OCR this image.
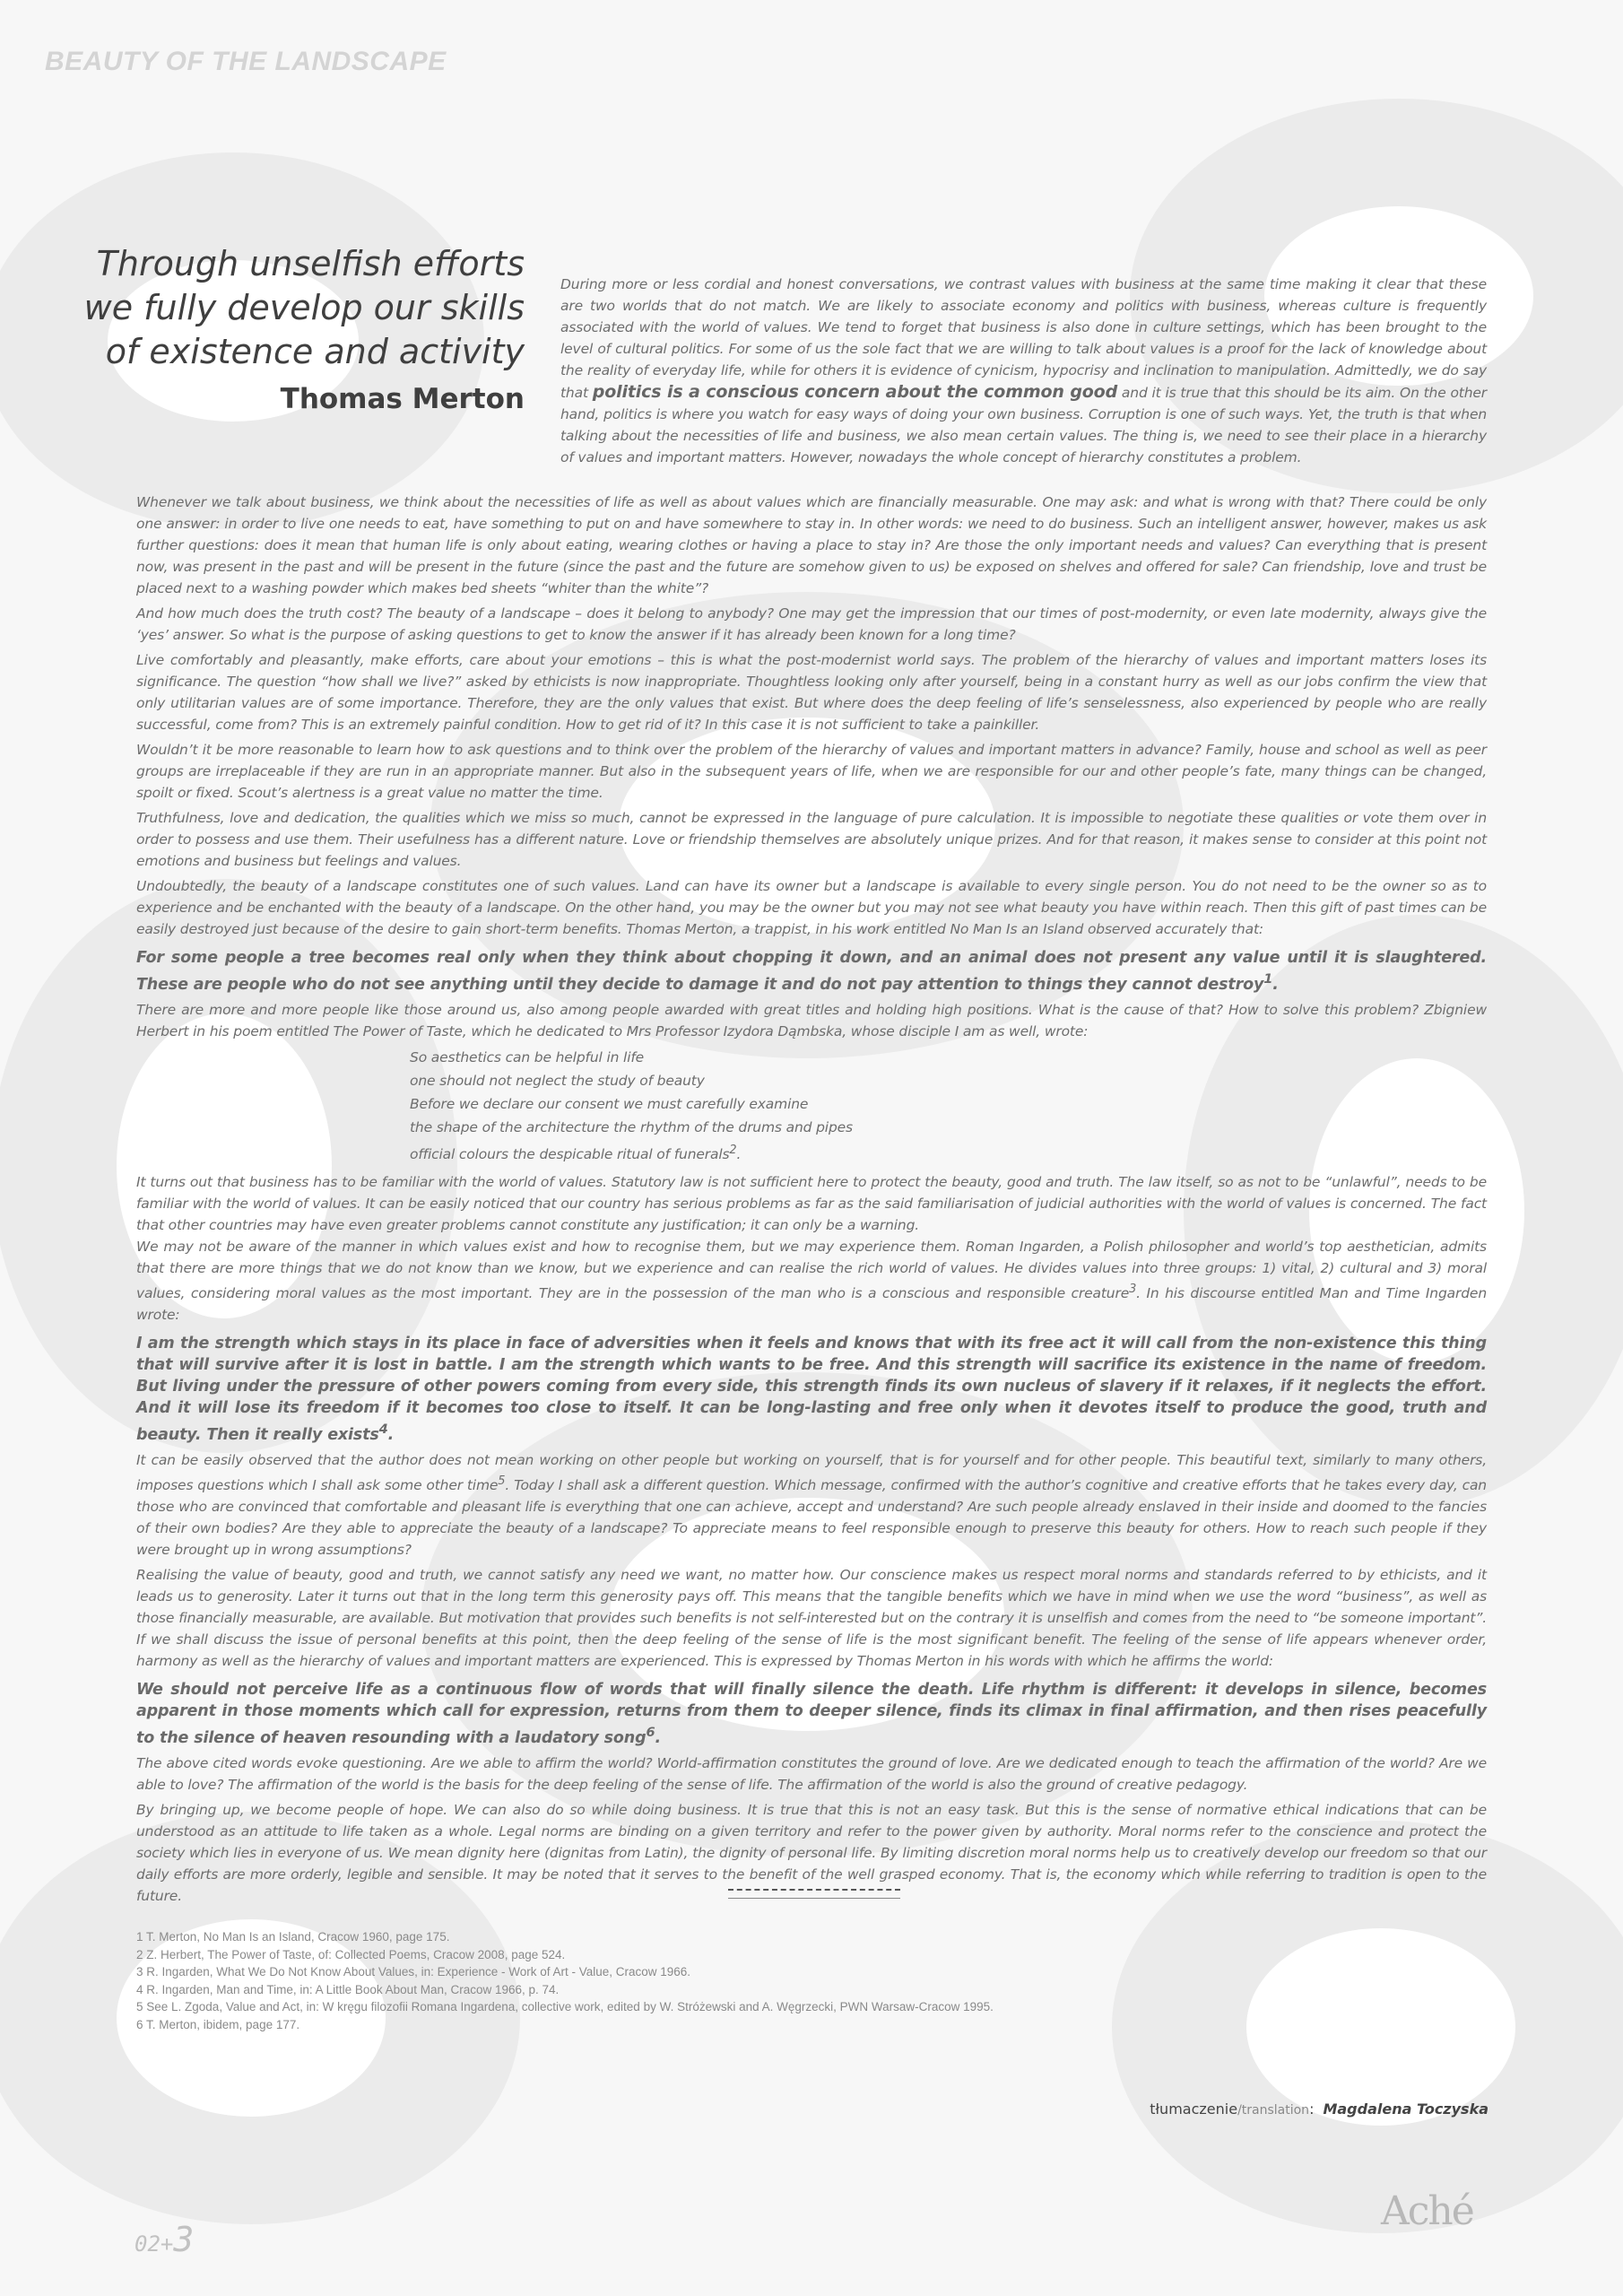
BEAUTY OF THE LANDSCAPE
Through unselfish efforts
we fully develop our skills
of existence and activity
Thomas Merton
During more or less cordial and honest conversations, we contrast values with business at the same time making it clear that these are two worlds that do not match. We are likely to associate economy and politics with business, whereas culture is frequently associated with the world of values. We tend to forget that business is also done in culture settings, which has been brought to the level of cultural politics. For some of us the sole fact that we are willing to talk about values is a proof for the lack of knowledge about the reality of everyday life, while for others it is evidence of cynicism, hypocrisy and inclination to manipulation. Admittedly, we do say that politics is a conscious concern about the common good and it is true that this should be its aim. On the other hand, politics is where you watch for easy ways of doing your own business. Corruption is one of such ways. Yet, the truth is that when talking about the necessities of life and business, we also mean certain values. The thing is, we need to see their place in a hierarchy of values and important matters. However, nowadays the whole concept of hierarchy constitutes a problem.

Whenever we talk about business, we think about the necessities of life as well as about values which are financially measurable. One may ask: and what is wrong with that? There could be only one answer: in order to live one needs to eat, have something to put on and have somewhere to stay in. In other words: we need to do business. Such an intelligent answer, however, makes us ask further questions: does it mean that human life is only about eating, wearing clothes or having a place to stay in? Are those the only important needs and values? Can everything that is present now, was present in the past and will be present in the future (since the past and the future are somehow given to us) be exposed on shelves and offered for sale? Can friendship, love and trust be placed next to a washing powder which makes bed sheets “whiter than the white”?

And how much does the truth cost? The beauty of a landscape – does it belong to anybody? One may get the impression that our times of post-modernity, or even late modernity, always give the ‘yes’ answer. So what is the purpose of asking questions to get to know the answer if it has already been known for a long time?

Live comfortably and pleasantly, make efforts, care about your emotions – this is what the post-modernist world says. The problem of the hierarchy of values and important matters loses its significance. The question “how shall we live?” asked by ethicists is now inappropriate. Thoughtless looking only after yourself, being in a constant hurry as well as our jobs confirm the view that only utilitarian values are of some importance. Therefore, they are the only values that exist. But where does the deep feeling of life’s senselessness, also experienced by people who are really successful, come from? This is an extremely painful condition. How to get rid of it? In this case it is not sufficient to take a painkiller.

Wouldn’t it be more reasonable to learn how to ask questions and to think over the problem of the hierarchy of values and important matters in advance? Family, house and school as well as peer groups are irreplaceable if they are run in an appropriate manner. But also in the subsequent years of life, when we are responsible for our and other people’s fate, many things can be changed, spoilt or fixed. Scout’s alertness is a great value no matter the time.

Truthfulness, love and dedication, the qualities which we miss so much, cannot be expressed in the language of pure calculation. It is impossible to negotiate these qualities or vote them over in order to possess and use them. Their usefulness has a different nature. Love or friendship themselves are absolutely unique prizes. And for that reason, it makes sense to consider at this point not emotions and business but feelings and values.

Undoubtedly, the beauty of a landscape constitutes one of such values. Land can have its owner but a landscape is available to every single person. You do not need to be the owner so as to experience and be enchanted with the beauty of a landscape. On the other hand, you may be the owner but you may not see what beauty you have within reach. Then this gift of past times can be easily destroyed just because of the desire to gain short-term benefits. Thomas Merton, a trappist, in his work entitled No Man Is an Island observed accurately that:

For some people a tree becomes real only when they think about chopping it down, and an animal does not present any value until it is slaughtered. These are people who do not see anything until they decide to damage it and do not pay attention to things they cannot destroy$^1$.

There are more and more people like those around us, also among people awarded with great titles and holding high positions. What is the cause of that? How to solve this problem? Zbigniew Herbert in his poem entitled The Power of Taste, which he dedicated to Mrs Professor Izydora Dąmbska, whose disciple I am as well, wrote:

So aesthetics can be helpful in life
one should not neglect the study of beauty
Before we declare our consent we must carefully examine
the shape of the architecture the rhythm of the drums and pipes
official colours the despicable ritual of funerals$^2$.

It turns out that business has to be familiar with the world of values. Statutory law is not sufficient here to protect the beauty, good and truth. The law itself, so as not to be “unlawful”, needs to be familiar with the world of values. It can be easily noticed that our country has serious problems as far as the said familiarisation of judicial authorities with the world of values is concerned. The fact that other countries may have even greater problems cannot constitute any justification; it can only be a warning.

We may not be aware of the manner in which values exist and how to recognise them, but we may experience them. Roman Ingarden, a Polish philosopher and world’s top aesthetician, admits that there are more things that we do not know than we know, but we experience and can realise the rich world of values. He divides values into three groups: 1) vital, 2) cultural and 3) moral values, considering moral values as the most important. They are in the possession of the man who is a conscious and responsible creature$^3$. In his discourse entitled Man and Time Ingarden wrote:

I am the strength which stays in its place in face of adversities when it feels and knows that with its free act it will call from the non-existence this thing that will survive after it is lost in battle. I am the strength which wants to be free. And this strength will sacrifice its existence in the name of freedom. But living under the pressure of other powers coming from every side, this strength finds its own nucleus of slavery if it relaxes, if it neglects the effort. And it will lose its freedom if it becomes too close to itself. It can be long-lasting and free only when it devotes itself to produce the good, truth and beauty. Then it really exists$^4$.

It can be easily observed that the author does not mean working on other people but working on yourself, that is for yourself and for other people. This beautiful text, similarly to many others, imposes questions which I shall ask some other time$^5$. Today I shall ask a different question. Which message, confirmed with the author’s cognitive and creative efforts that he takes every day, can those who are convinced that comfortable and pleasant life is everything that one can achieve, accept and understand? Are such people already enslaved in their inside and doomed to the fancies of their own bodies? Are they able to appreciate the beauty of a landscape? To appreciate means to feel responsible enough to preserve this beauty for others. How to reach such people if they were brought up in wrong assumptions?

Realising the value of beauty, good and truth, we cannot satisfy any need we want, no matter how. Our conscience makes us respect moral norms and standards referred to by ethicists, and it leads us to generosity. Later it turns out that in the long term this generosity pays off. This means that the tangible benefits which we have in mind when we use the word “business”, as well as those financially measurable, are available. But motivation that provides such benefits is not self-interested but on the contrary it is unselfish and comes from the need to “be someone important”. If we shall discuss the issue of personal benefits at this point, then the deep feeling of the sense of life is the most significant benefit. The feeling of the sense of life appears whenever order, harmony as well as the hierarchy of values and important matters are experienced. This is expressed by Thomas Merton in his words with which he affirms the world:

We should not perceive life as a continuous flow of words that will finally silence the death. Life rhythm is different: it develops in silence, becomes apparent in those moments which call for expression, returns from them to deeper silence, finds its climax in final affirmation, and then rises peacefully to the silence of heaven resounding with a laudatory song$^6$.

The above cited words evoke questioning. Are we able to affirm the world? World-affirmation constitutes the ground of love. Are we dedicated enough to teach the affirmation of the world? Are we able to love? The affirmation of the world is the basis for the deep feeling of the sense of life. The affirmation of the world is also the ground of creative pedagogy.

By bringing up, we become people of hope. We can also do so while doing business. It is true that this is not an easy task. But this is the sense of normative ethical indications that can be understood as an attitude to life taken as a whole. Legal norms are binding on a given territory and refer to the power given by authority. Moral norms refer to the conscience and protect the society which lies in everyone of us. We mean dignity here (dignitas from Latin), the dignity of personal life. By limiting discretion moral norms help us to creatively develop our freedom so that our daily efforts are more orderly, legible and sensible. It may be noted that it serves to the benefit of the well grasped economy. That is, the economy which while referring to tradition is open to the future.

1 T. Merton, No Man Is an Island, Cracow 1960, page 175.
2 Z. Herbert, The Power of Taste, of: Collected Poems, Cracow 2008, page 524.
3 R. Ingarden, What We Do Not Know About Values, in: Experience - Work of Art - Value, Cracow 1966.
4 R. Ingarden, Man and Time, in: A Little Book About Man, Cracow 1966, p. 74.
5 See L. Zgoda, Value and Act, in: W kręgu filozofii Romana Ingardena, collective work, edited by W. Stróżewski and A. Węgrzecki, PWN Warsaw-Cracow 1995.
6 T. Merton, ibidem, page 177.
tłumaczenie/translation: Magdalena Toczyska
02+3
Aché
